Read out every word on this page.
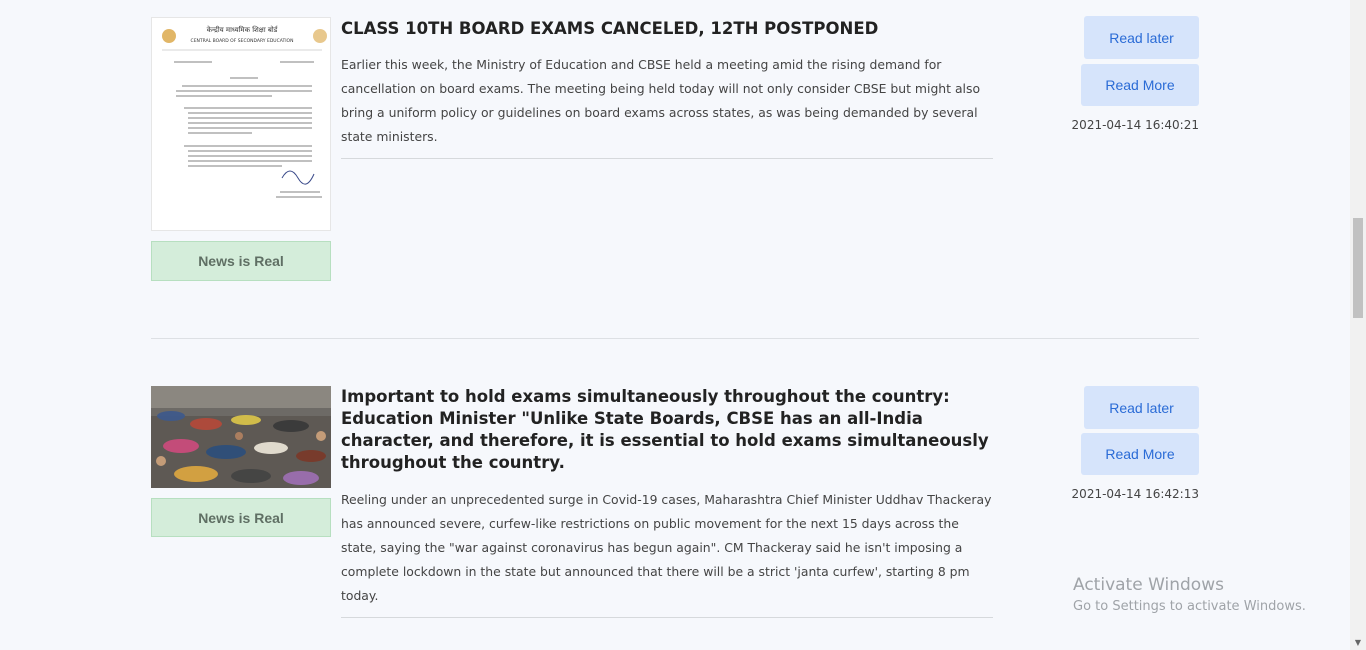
केन्द्रीय माध्यमिक शिक्षा बोर्ड
CENTRAL BOARD OF SECONDARY EDUCATION
News is Real
CLASS 10TH BOARD EXAMS CANCELED, 12TH POSTPONED
Earlier this week, the Ministry of Education and CBSE held a meeting amid the rising demand for cancellation on board exams. The meeting being held today will not only consider CBSE but might also bring a uniform policy or guidelines on board exams across states, as was being demanded by several state ministers.
Read later
Read More
2021-04-14 16:40:21
News is Real
Important to hold exams simultaneously throughout the country: Education Minister "Unlike State Boards, CBSE has an all-India character, and therefore, it is essential to hold exams simultaneously throughout the country.
Reeling under an unprecedented surge in Covid-19 cases, Maharashtra Chief Minister Uddhav Thackeray has announced severe, curfew-like restrictions on public movement for the next 15 days across the state, saying the "war against coronavirus has begun again". CM Thackeray said he isn't imposing a complete lockdown in the state but announced that there will be a strict 'janta curfew', starting 8 pm today.
Read later
Read More
2021-04-14 16:42:13
Activate Windows
Go to Settings to activate Windows.
▼
